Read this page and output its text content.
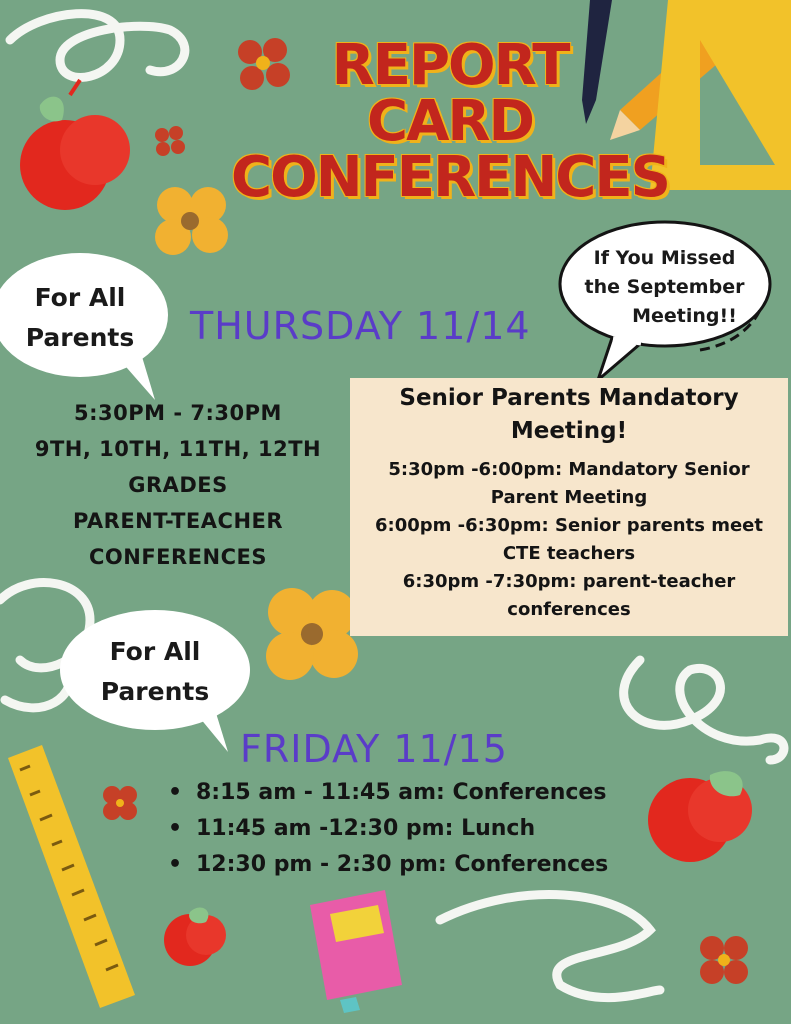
REPORT
CARD
CONFERENCES
For All
Parents
If You Missed
the September
Meeting!!
THURSDAY 11/14
5:30PM - 7:30PM
9TH, 10TH, 11TH, 12TH
GRADES
PARENT-TEACHER
CONFERENCES
Senior Parents Mandatory
Meeting!
5:30pm -6:00pm: Mandatory Senior
Parent Meeting
6:00pm -6:30pm: Senior parents meet
CTE teachers
6:30pm -7:30pm: parent-teacher
conferences
For All
Parents
FRIDAY 11/15
• 8:15 am - 11:45 am: Conferences
• 11:45 am -12:30 pm: Lunch
• 12:30 pm - 2:30 pm: Conferences
